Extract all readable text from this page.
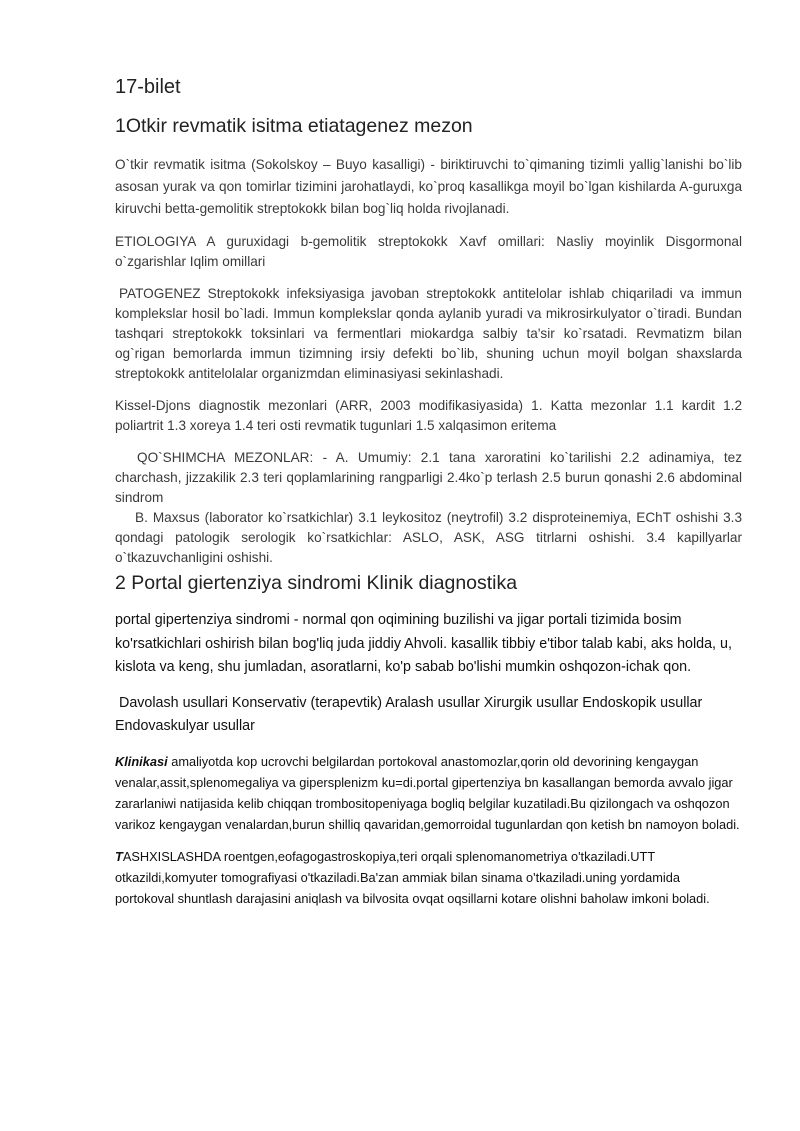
17-bilet
1Otkir revmatik isitma etiatagenez mezon

O`tkir revmatik isitma (Sokolskoy – Buyo kasalligi) - biriktiruvchi to`qimaning tizimli yallig`lanishi bo`lib asosan yurak va qon tomirlar tizimini jarohatlaydi, ko`proq kasallikga moyil bo`lgan kishilarda A-guruxga kiruvchi betta-gemolitik streptokokk bilan bog`liq holda rivojlanadi.

ETIOLOGIYA A guruxidagi b-gemolitik streptokokk Xavf omillari: Nasliy moyinlik Disgormonal o`zgarishlar Iqlim omillari

PATOGENEZ Streptokokk infeksiyasiga javoban streptokokk antitelolar ishlab chiqariladi va immun komplekslar hosil bo`ladi. Immun komplekslar qonda aylanib yuradi va mikrosirkulyator o`tiradi. Bundan tashqari streptokokk toksinlari va fermentlari miokardga salbiy ta'sir ko`rsatadi. Revmatizm bilan og`rigan bemorlarda immun tizimning irsiy defekti bo`lib, shuning uchun moyil bolgan shaxslarda streptokokk antitelolalar organizmdan eliminasiyasi sekinlashadi.

Kissel-Djons diagnostik mezonlari (ARR, 2003 modifikasiyasida) 1. Katta mezonlar 1.1 kardit 1.2 poliartrit 1.3 xoreya 1.4 teri osti revmatik tugunlari 1.5 xalqasimon eritema

QO`SHIMCHA MEZONLAR: - A. Umumiy: 2.1 tana xaroratini ko`tarilishi 2.2 adinamiya, tez charchash, jizzakilik 2.3 teri qoplamlarining rangparligi 2.4ko`p terlash 2.5 burun qonashi 2.6 abdominal sindrom

B. Maxsus (laborator ko`rsatkichlar) 3.1 leykositoz (neytrofil) 3.2 disproteinemiya, EChT oshishi 3.3 qondagi patologik serologik ko`rsatkichlar: ASLO, ASK, ASG titrlarni oshishi. 3.4 kapillyarlar o`tkazuvchanligini oshishi.

2 Portal giertenziya sindromi Klinik diagnostika

portal gipertenziya sindromi - normal qon oqimining buzilishi va jigar portali tizimida bosim ko'rsatkichlari oshirish bilan bog'liq juda jiddiy Ahvoli. kasallik tibbiy e'tibor talab kabi, aks holda, u, kislota va keng, shu jumladan, asoratlarni, ko'p sabab bo'lishi mumkin oshqozon-ichak qon.

Davolash usullari Konservativ (terapevtik) Aralash usullar Xirurgik usullar Endoskopik usullar Endovaskulyar usullar

Klinikasi amaliyotda kop ucrovchi belgilardan portokoval anastomozlar,qorin old devorining kengaygan venalar,assit,splenomegaliya va gipersplenizm ku=di.portal gipertenziya bn kasallangan bemorda avvalo jigar zararlaniwi natijasida kelib chiqqan trombositopeniyaga bogliq belgilar kuzatiladi.Bu qizilongach va oshqozon varikoz kengaygan venalardan,burun shilliq qavaridan,gemorroidal tugunlardan qon ketish bn namoyon boladi.

TASHXISLASHDA roentgen,eofagogastroskopiya,teri orqali splenomanometriya o'tkaziladi.UTT otkazildi,komyuter tomografiyasi o'tkaziladi.Ba'zan ammiak bilan sinama o'tkaziladi.uning yordamida portokoval shuntlash darajasini aniqlash va bilvosita ovqat oqsillarni kotare olishni baholaw imkoni boladi.
